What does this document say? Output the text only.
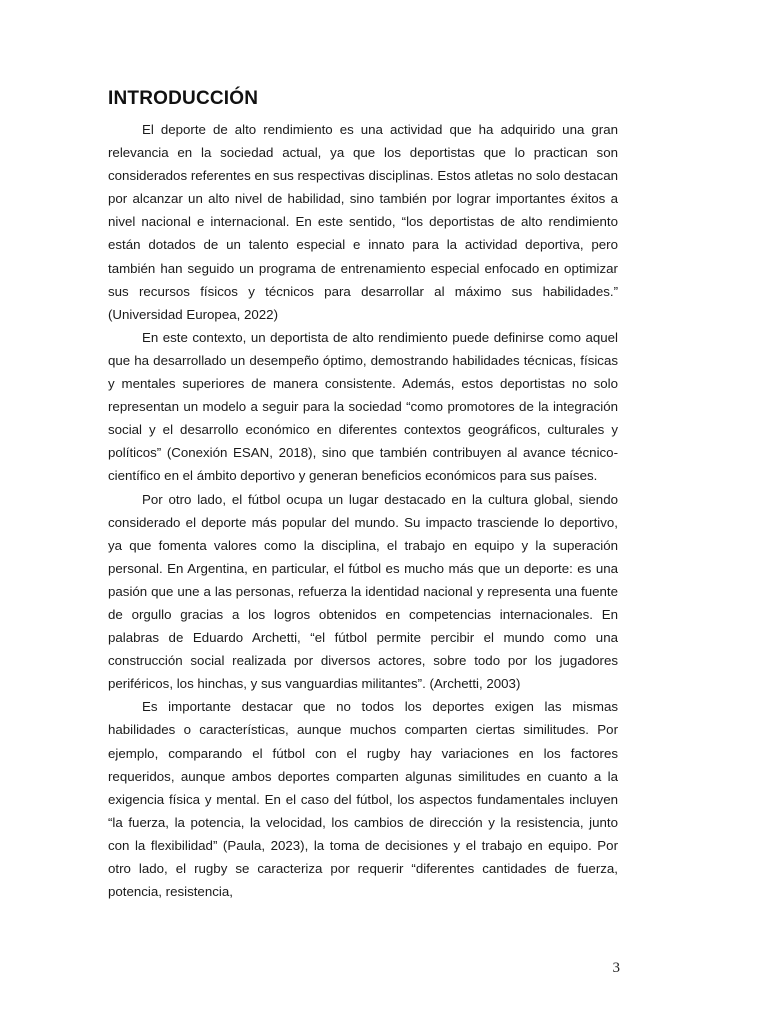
INTRODUCCIÓN

El deporte de alto rendimiento es una actividad que ha adquirido una gran relevancia en la sociedad actual, ya que los deportistas que lo practican son considerados referentes en sus respectivas disciplinas. Estos atletas no solo destacan por alcanzar un alto nivel de habilidad, sino también por lograr importantes éxitos a nivel nacional e internacional. En este sentido, “los deportistas de alto rendimiento están dotados de un talento especial e innato para la actividad deportiva, pero también han seguido un programa de entrenamiento especial enfocado en optimizar sus recursos físicos y técnicos para desarrollar al máximo sus habilidades.” (Universidad Europea, 2022)

En este contexto, un deportista de alto rendimiento puede definirse como aquel que ha desarrollado un desempeño óptimo, demostrando habilidades técnicas, físicas y mentales superiores de manera consistente. Además, estos deportistas no solo representan un modelo a seguir para la sociedad “como promotores de la integración social y el desarrollo económico en diferentes contextos geográficos, culturales y políticos” (Conexión ESAN, 2018), sino que también contribuyen al avance técnico-científico en el ámbito deportivo y generan beneficios económicos para sus países.

Por otro lado, el fútbol ocupa un lugar destacado en la cultura global, siendo considerado el deporte más popular del mundo. Su impacto trasciende lo deportivo, ya que fomenta valores como la disciplina, el trabajo en equipo y la superación personal. En Argentina, en particular, el fútbol es mucho más que un deporte: es una pasión que une a las personas, refuerza la identidad nacional y representa una fuente de orgullo gracias a los logros obtenidos en competencias internacionales. En palabras de Eduardo Archetti, “el fútbol permite percibir el mundo como una construcción social realizada por diversos actores, sobre todo por los jugadores periféricos, los hinchas, y sus vanguardias militantes”. (Archetti, 2003)

Es importante destacar que no todos los deportes exigen las mismas habilidades o características, aunque muchos comparten ciertas similitudes. Por ejemplo, comparando el fútbol con el rugby hay variaciones en los factores requeridos, aunque ambos deportes comparten algunas similitudes en cuanto a la exigencia física y mental. En el caso del fútbol, los aspectos fundamentales incluyen “la fuerza, la potencia, la velocidad, los cambios de dirección y la resistencia, junto con la flexibilidad” (Paula, 2023), la toma de decisiones y el trabajo en equipo. Por otro lado, el rugby se caracteriza por requerir “diferentes cantidades de fuerza, potencia, resistencia,

3
